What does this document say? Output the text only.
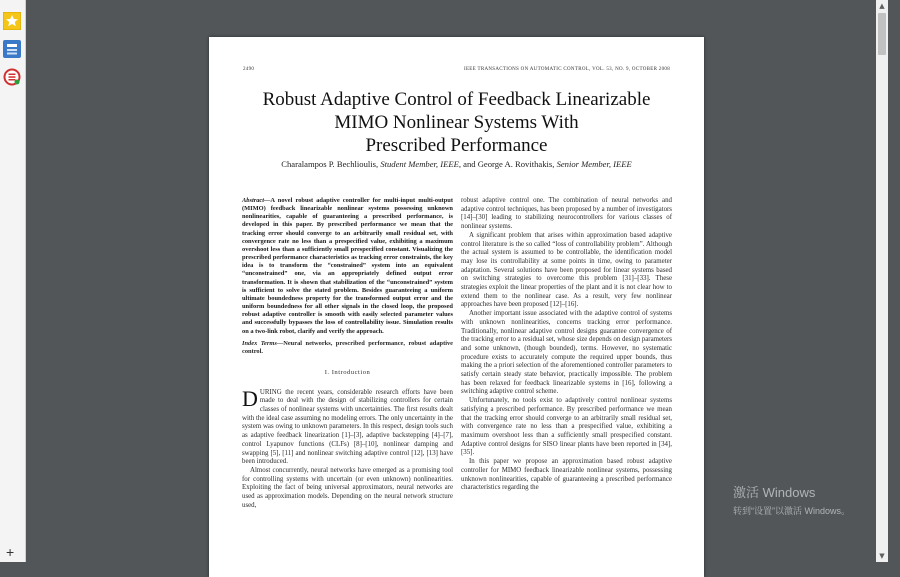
+
2490	IEEE TRANSACTIONS ON AUTOMATIC CONTROL, VOL. 53, NO. 9, OCTOBER 2008
Robust Adaptive Control of Feedback Linearizable
MIMO Nonlinear Systems With
Prescribed Performance
Charalampos P. Bechlioulis, Student Member, IEEE, and George A. Rovithakis, Senior Member, IEEE
Abstract—A novel robust adaptive controller for multi-input multi-output (MIMO) feedback linearizable nonlinear systems possessing unknown nonlinearities, capable of guaranteeing a prescribed performance, is developed in this paper. By prescribed performance we mean that the tracking error should converge to an arbitrarily small residual set, with convergence rate no less than a prespecified value, exhibiting a maximum overshoot less than a sufficiently small prespecified constant. Visualizing the prescribed performance characteristics as tracking error constraints, the key idea is to transform the “constrained” system into an equivalent “unconstrained” one, via an appropriately defined output error transformation. It is shown that stabilization of the “unconstrained” system is sufficient to solve the stated problem. Besides guaranteeing a uniform ultimate boundedness property for the transformed output error and the uniform boundedness for all other signals in the closed loop, the proposed robust adaptive controller is smooth with easily selected parameter values and successfully bypasses the loss of controllability issue. Simulation results on a two-link robot, clarify and verify the approach.
Index Terms—Neural networks, prescribed performance, robust adaptive control.
I. Introduction

DURING the recent years, considerable research efforts have been made to deal with the design of stabilizing controllers for certain classes of nonlinear systems with uncertainties. The first results dealt with the ideal case assuming no modeling errors. The only uncertainty in the system was owing to unknown parameters. In this respect, design tools such as adaptive feedback linearization [1]–[3], adaptive backstepping [4]–[7], control Lyapunov functions (CLFs) [8]–[10], nonlinear damping and swapping [5], [11] and nonlinear switching adaptive control [12], [13] have been introduced.

Almost concurrently, neural networks have emerged as a promising tool for controlling systems with uncertain (or even unknown) nonlinearities. Exploiting the fact of being universal approximators, neural networks are used as approximation models. Depending on the neural network structure used,

robust adaptive control one. The combination of neural networks and adaptive control techniques, has been proposed by a number of investigators [14]–[30] leading to stabilizing neurocontrollers for various classes of nonlinear systems.

A significant problem that arises within approximation based adaptive control literature is the so called “loss of controllability problem”. Although the actual system is assumed to be controllable, the identification model may lose its controllability at some points in time, owing to parameter adaptation. Several solutions have been proposed for linear systems based on switching strategies to overcome this problem [31]–[33]. These strategies exploit the linear properties of the plant and it is not clear how to extend them to the nonlinear case. As a result, very few nonlinear approaches have been proposed [12]–[16].

Another important issue associated with the adaptive control of systems with unknown nonlinearities, concerns tracking error performance. Traditionally, nonlinear adaptive control designs guarantee convergence of the tracking error to a residual set, whose size depends on design parameters and some unknown, (though bounded), terms. However, no systematic procedure exists to accurately compute the required upper bounds, thus making the a priori selection of the aforementioned controller parameters to satisfy certain steady state behavior, practically impossible. The problem has been relaxed for feedback linearizable systems in [16], following a switching adaptive control scheme.

Unfortunately, no tools exist to adaptively control nonlinear systems satisfying a prescribed performance. By prescribed performance we mean that the tracking error should converge to an arbitrarily small residual set, with convergence rate no less than a prespecified value, exhibiting a maximum overshoot less than a sufficiently small prespecified constant. Adaptive control designs for SISO linear plants have been reported in [34], [35].

In this paper we propose an approximation based robust adaptive controller for MIMO feedback linearizable nonlinear systems, possessing unknown nonlinearities, capable of guaranteeing a prescribed performance characteristics regarding the

▲
▼
激活 Windows
转到“设置”以激活 Windows。
